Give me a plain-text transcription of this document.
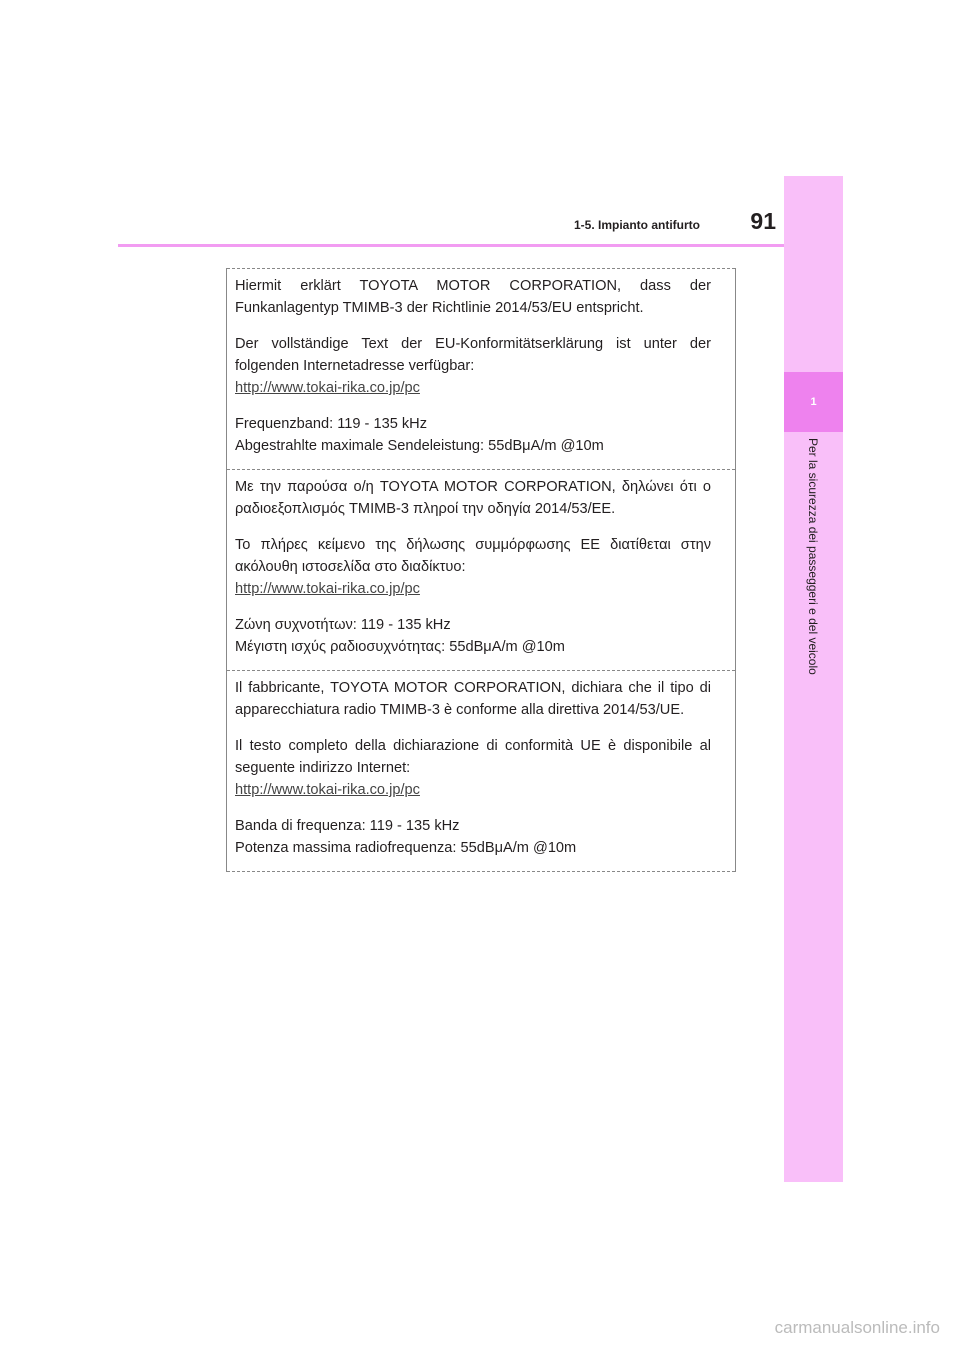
1
Per la sicurezza dei passeggeri e del veicolo
1-5. Impianto antifurto	91

Hiermit erklärt TOYOTA MOTOR CORPORATION, dass der Funkanlagentyp TMIMB-3 der Richtlinie 2014/53/EU entspricht.

Der vollständige Text der EU-Konformitätserklärung ist unter der folgenden Internetadresse verfügbar:
http://www.tokai-rika.co.jp/pc

Frequenzband: 119 - 135 kHz
Abgestrahlte maximale Sendeleistung: 55dBμA/m @10m

Με την παρούσα ο/η TOYOTA MOTOR CORPORATION, δηλώνει ότι ο ραδιοεξοπλισμός TMIMB-3 πληροί την οδηγία 2014/53/ΕΕ.

Το πλήρες κείμενο της δήλωσης συμμόρφωσης ΕΕ διατίθεται στην ακόλουθη ιστοσελίδα στο διαδίκτυο:
http://www.tokai-rika.co.jp/pc

Ζώνη συχνοτήτων: 119 - 135 kHz
Μέγιστη ισχύς ραδιοσυχνότητας: 55dBμA/m @10m

Il fabbricante, TOYOTA MOTOR CORPORATION, dichiara che il tipo di apparecchiatura radio TMIMB-3 è conforme alla direttiva 2014/53/UE.

Il testo completo della dichiarazione di conformità UE è disponibile al seguente indirizzo Internet:
http://www.tokai-rika.co.jp/pc

Banda di frequenza: 119 - 135 kHz
Potenza massima radiofrequenza: 55dBμA/m @10m

carmanualsonline.info
